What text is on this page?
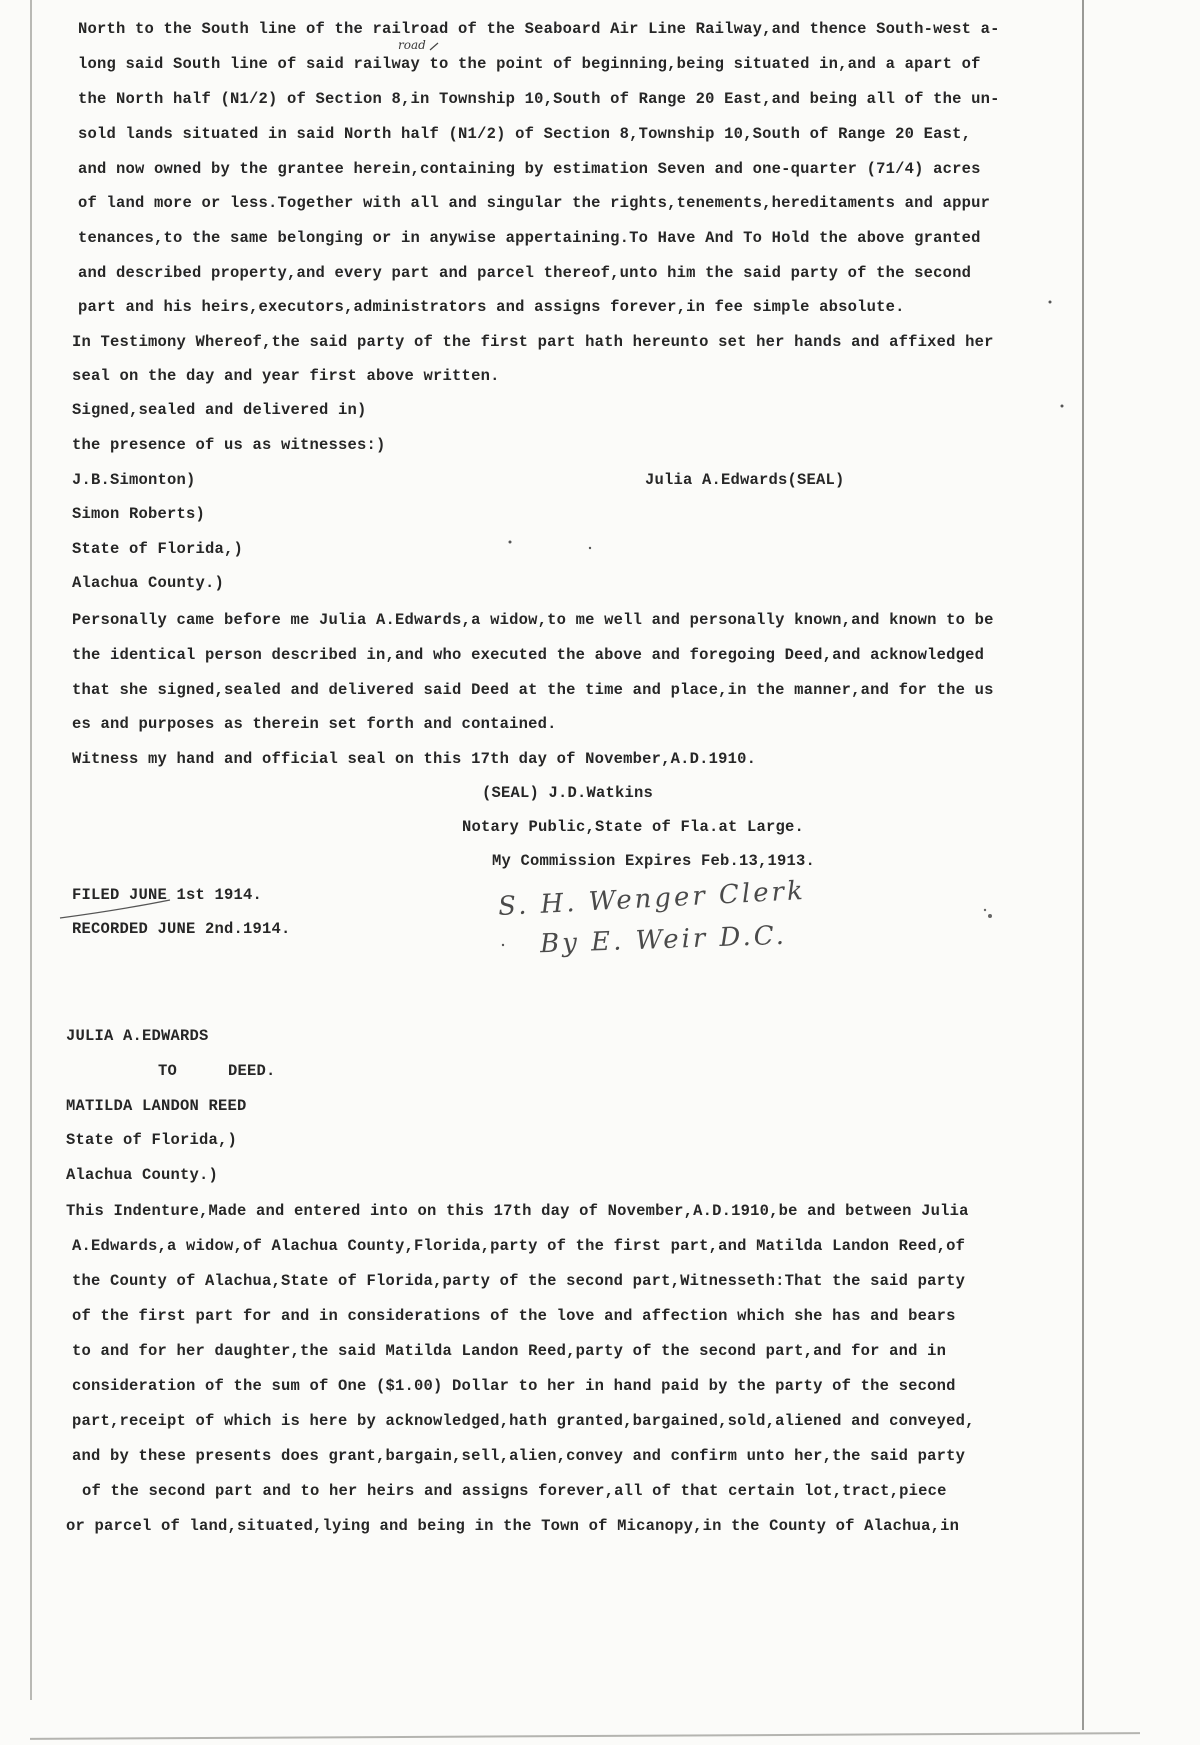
North to the South line of the railroad of the Seaboard Air Line Railway,and thence South-west a-
road
long said South line of said railway to the point of beginning,being situated in,and a apart of
the North half (N1/2) of Section 8,in Township 10,South of Range 20 East,and being all of the un-
sold lands situated in said North half (N1/2) of Section 8,Township 10,South of Range 20 East,
and now owned by the grantee herein,containing by estimation Seven and one-quarter (71/4) acres
of land more or less.Together with all and singular the rights,tenements,hereditaments and appur
tenances,to the same belonging or in anywise appertaining.To Have And To Hold the above granted
and described property,and every part and parcel thereof,unto him the said party of the second
part and his heirs,executors,administrators and assigns forever,in fee simple absolute.
In Testimony Whereof,the said party of the first part hath hereunto set her hands and affixed her
seal on the day and year first above written.
Signed,sealed and delivered in)
the presence of us as witnesses:)
J.B.Simonton)	Julia A.Edwards(SEAL)
Simon Roberts)
State of Florida,)
Alachua County.)
Personally came before me Julia A.Edwards,a widow,to me well and personally known,and known to be
the identical person described in,and who executed the above and foregoing Deed,and acknowledged
that she signed,sealed and delivered said Deed at the time and place,in the manner,and for the us
es and purposes as therein set forth and contained.
Witness my hand and official seal on this 17th day of November,A.D.1910.
(SEAL) J.D.Watkins
Notary Public,State of Fla.at Large.
My Commission Expires Feb.13,1913.
FILED JUNE 1st 1914.
RECORDED JUNE 2nd.1914.
S. H. Wenger Clerk
By E. Weir D.C.
JULIA A.EDWARDS
TO	DEED.
MATILDA LANDON REED
State of Florida,)
Alachua County.)
This Indenture,Made and entered into on this 17th day of November,A.D.1910,be and between Julia
A.Edwards,a widow,of Alachua County,Florida,party of the first part,and Matilda Landon Reed,of
the County of Alachua,State of Florida,party of the second part,Witnesseth:That the said party
of the first part for and in considerations of the love and affection which she has and bears
to and for her daughter,the said Matilda Landon Reed,party of the second part,and for and in
consideration of the sum of One ($1.00) Dollar to her in hand paid by the party of the second
part,receipt of which is here by acknowledged,hath granted,bargained,sold,aliened and conveyed,
and by these presents does grant,bargain,sell,alien,convey and confirm unto her,the said party
of the second part and to her heirs and assigns forever,all of that certain lot,tract,piece
or parcel of land,situated,lying and being in the Town of Micanopy,in the County of Alachua,in
